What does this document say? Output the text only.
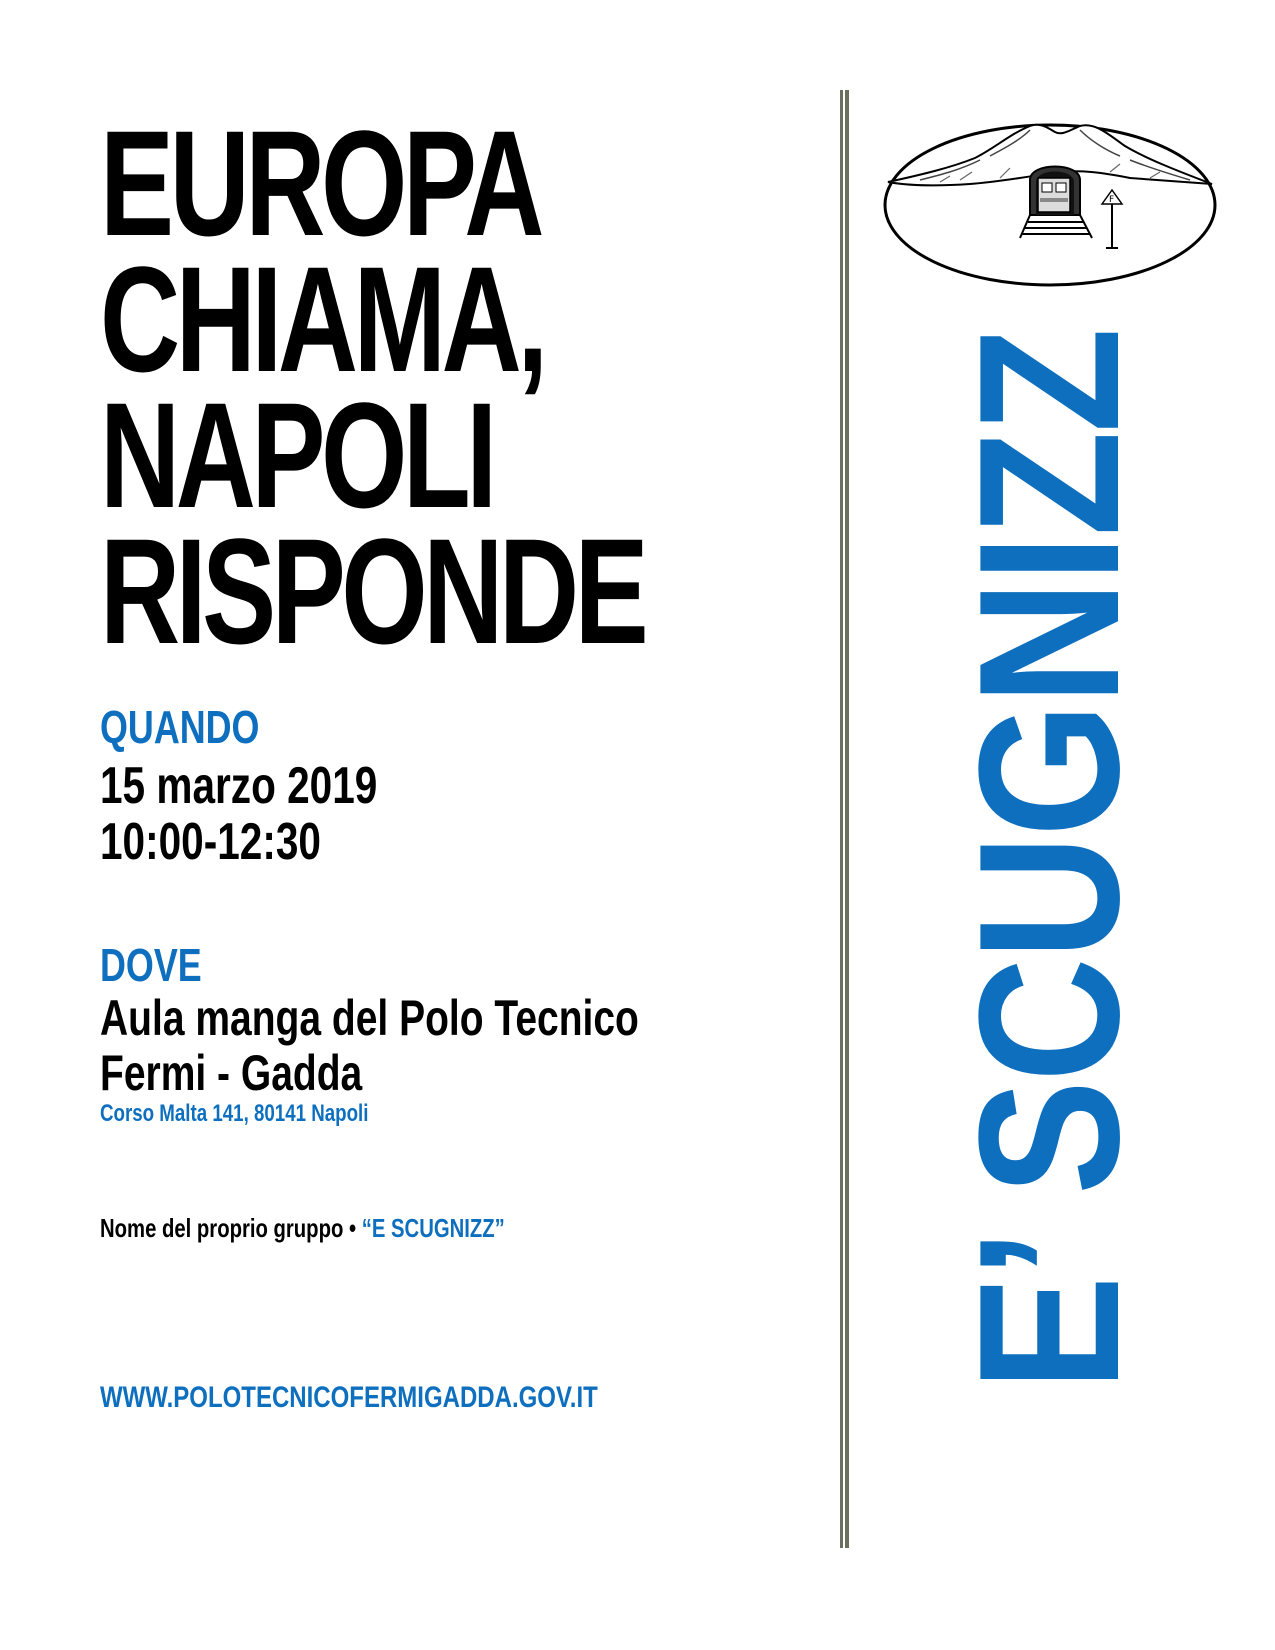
EUROPA
CHIAMA,
NAPOLI
RISPONDE
QUANDO
15 marzo 2019
10:00-12:30
DOVE
Aula manga del Polo Tecnico
Fermi - Gadda
Corso Malta 141, 80141 Napoli
Nome del proprio gruppo • “E SCUGNIZZ”
WWW.POLOTECNICOFERMIGADDA.GOV.IT
F
E’ SCUGNIZZ
